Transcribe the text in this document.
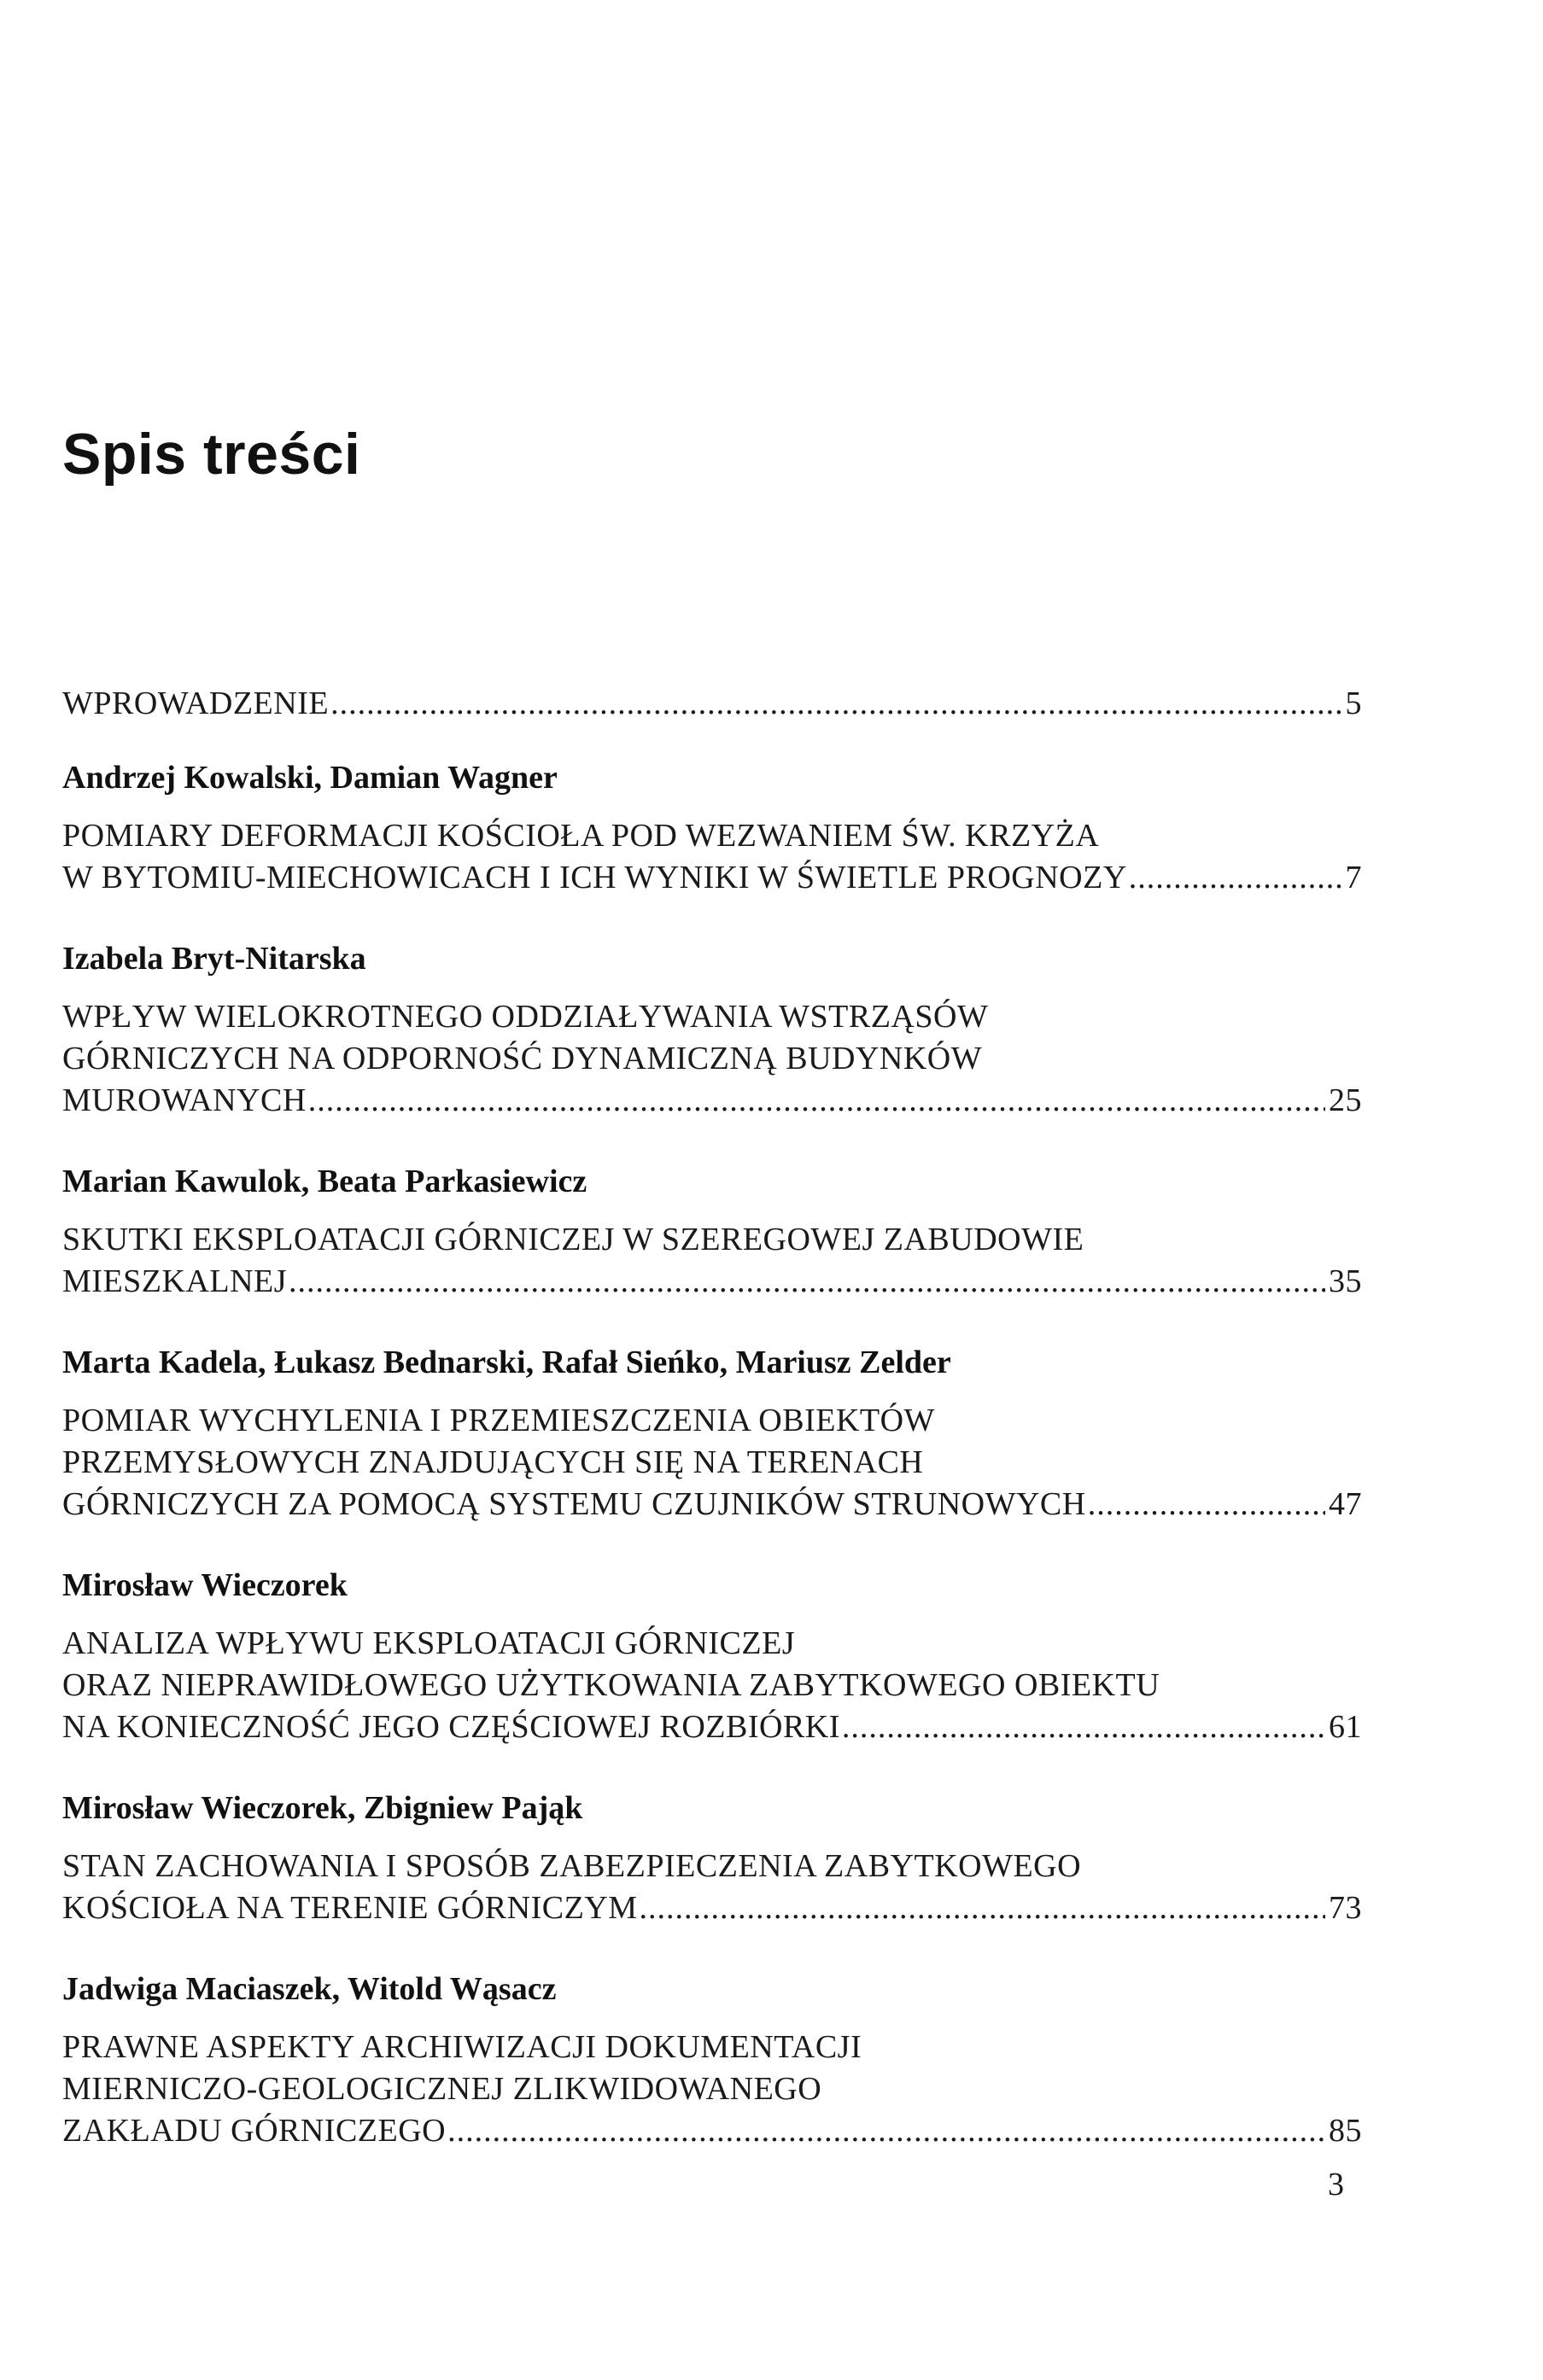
Spis treści
WPROWADZENIE .....	5
Andrzej Kowalski, Damian Wagner
POMIARY DEFORMACJI KOŚCIOŁA POD WEZWANIEM ŚW. KRZYŻA
W BYTOMIU-MIECHOWICACH I ICH WYNIKI W ŚWIETLE PROGNOZY .....	7
Izabela Bryt-Nitarska
WPŁYW WIELOKROTNEGO ODDZIAŁYWANIA WSTRZĄSÓW
GÓRNICZYCH NA ODPORNOŚĆ DYNAMICZNĄ BUDYNKÓW
MUROWANYCH .....	25
Marian Kawulok, Beata Parkasiewicz
SKUTKI EKSPLOATACJI GÓRNICZEJ W SZEREGOWEJ ZABUDOWIE
MIESZKALNEJ .....	35
Marta Kadela, Łukasz Bednarski, Rafał Sieńko, Mariusz Zelder
POMIAR WYCHYLENIA I PRZEMIESZCZENIA OBIEKTÓW
PRZEMYSŁOWYCH ZNAJDUJĄCYCH SIĘ NA TERENACH
GÓRNICZYCH ZA POMOCĄ SYSTEMU CZUJNIKÓW STRUNOWYCH .....	47
Mirosław Wieczorek
ANALIZA WPŁYWU EKSPLOATACJI GÓRNICZEJ
ORAZ NIEPRAWIDŁOWEGO UŻYTKOWANIA ZABYTKOWEGO OBIEKTU
NA KONIECZNOŚĆ JEGO CZĘŚCIOWEJ ROZBIÓRKI .....	61
Mirosław Wieczorek, Zbigniew Pająk
STAN ZACHOWANIA I SPOSÓB ZABEZPIECZENIA ZABYTKOWEGO
KOŚCIOŁA NA TERENIE GÓRNICZYM .....	73
Jadwiga Maciaszek, Witold Wąsacz
PRAWNE ASPEKTY ARCHIWIZACJI DOKUMENTACJI
MIERNICZO-GEOLOGICZNEJ ZLIKWIDOWANEGO
ZAKŁADU GÓRNICZEGO .....	85
3
